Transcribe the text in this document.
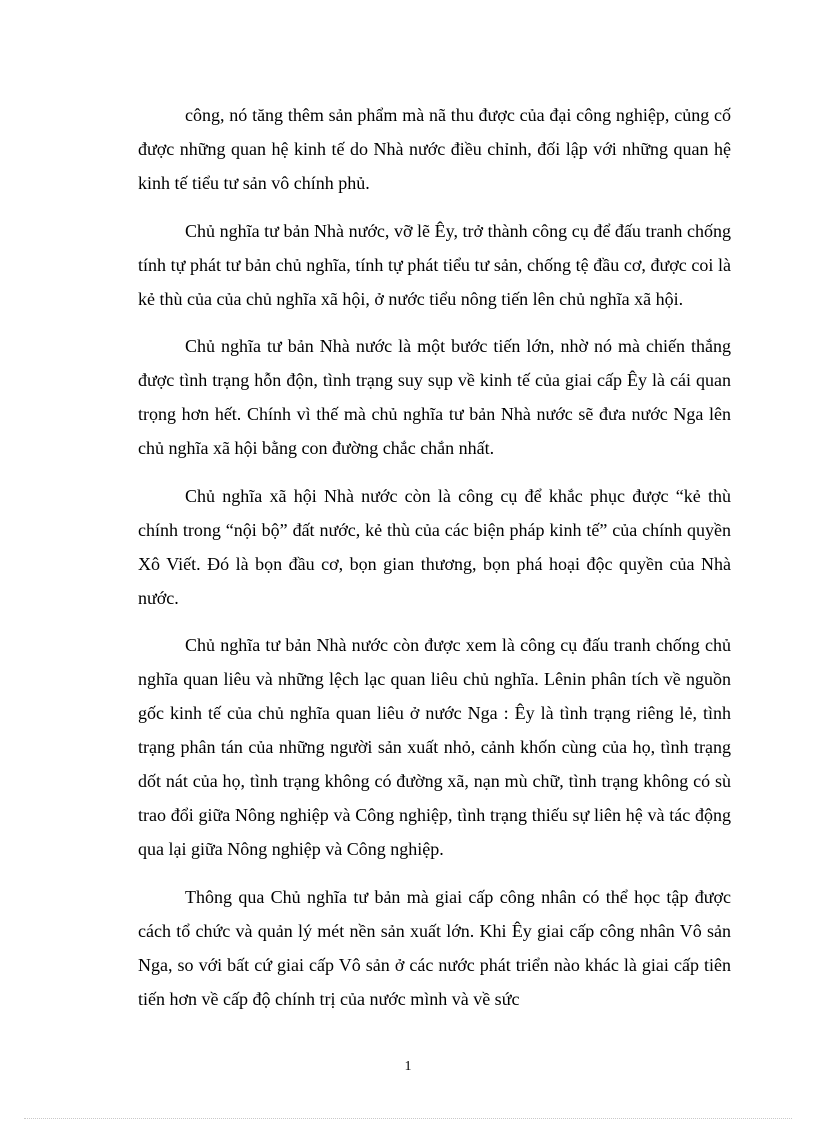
công, nó tăng thêm sản phẩm mà nã thu được của đại công nghiệp, củng cố được những quan hệ kinh tế do Nhà nước điều chỉnh, đối lập với những quan hệ kinh tế tiểu tư sản vô chính phủ.

Chủ nghĩa tư bản Nhà nước, vỡ lẽ Êy, trở thành công cụ để đấu tranh chống tính tự phát tư bản chủ nghĩa, tính tự phát tiểu tư sản, chống tệ đầu cơ, được coi là kẻ thù của của chủ nghĩa xã hội, ở nước tiểu nông tiến lên chủ nghĩa xã hội.

Chủ nghĩa tư bản Nhà nước là một bước tiến lớn, nhờ nó mà chiến thắng được tình trạng hỗn độn, tình trạng suy sụp về kinh tế của giai cấp Êy là cái quan trọng hơn hết. Chính vì thế mà chủ nghĩa tư bản Nhà nước sẽ đưa nước Nga lên chủ nghĩa xã hội bằng con đường chắc chắn nhất.

Chủ nghĩa xã hội Nhà nước còn là công cụ để khắc phục được “kẻ thù chính trong “nội bộ” đất nước, kẻ thù của các biện pháp kinh tế” của chính quyền Xô Viết. Đó là bọn đầu cơ, bọn gian thương, bọn phá hoại độc quyền của Nhà nước.

Chủ nghĩa tư bản Nhà nước còn được xem là công cụ đấu tranh chống chủ nghĩa quan liêu và những lệch lạc quan liêu chủ nghĩa. Lênin phân tích về nguồn gốc kinh tế của chủ nghĩa quan liêu ở nước Nga : Êy là tình trạng riêng lẻ, tình trạng phân tán của những người sản xuất nhỏ, cảnh khốn cùng của họ, tình trạng dốt nát của họ, tình trạng không có đường xã, nạn mù chữ, tình trạng không có sù trao đổi giữa Nông nghiệp và Công nghiệp, tình trạng thiếu sự liên hệ và tác động qua lại giữa Nông nghiệp và Công nghiệp.

Thông qua Chủ nghĩa tư bản mà giai cấp công nhân có thể học tập được cách tổ chức và quản lý mét nền sản xuất lớn. Khi Êy giai cấp công nhân Vô sản Nga, so với bất cứ giai cấp Vô sản ở các nước phát triển nào khác là giai cấp tiên tiến hơn về cấp độ chính trị của nước mình và về sức

1
